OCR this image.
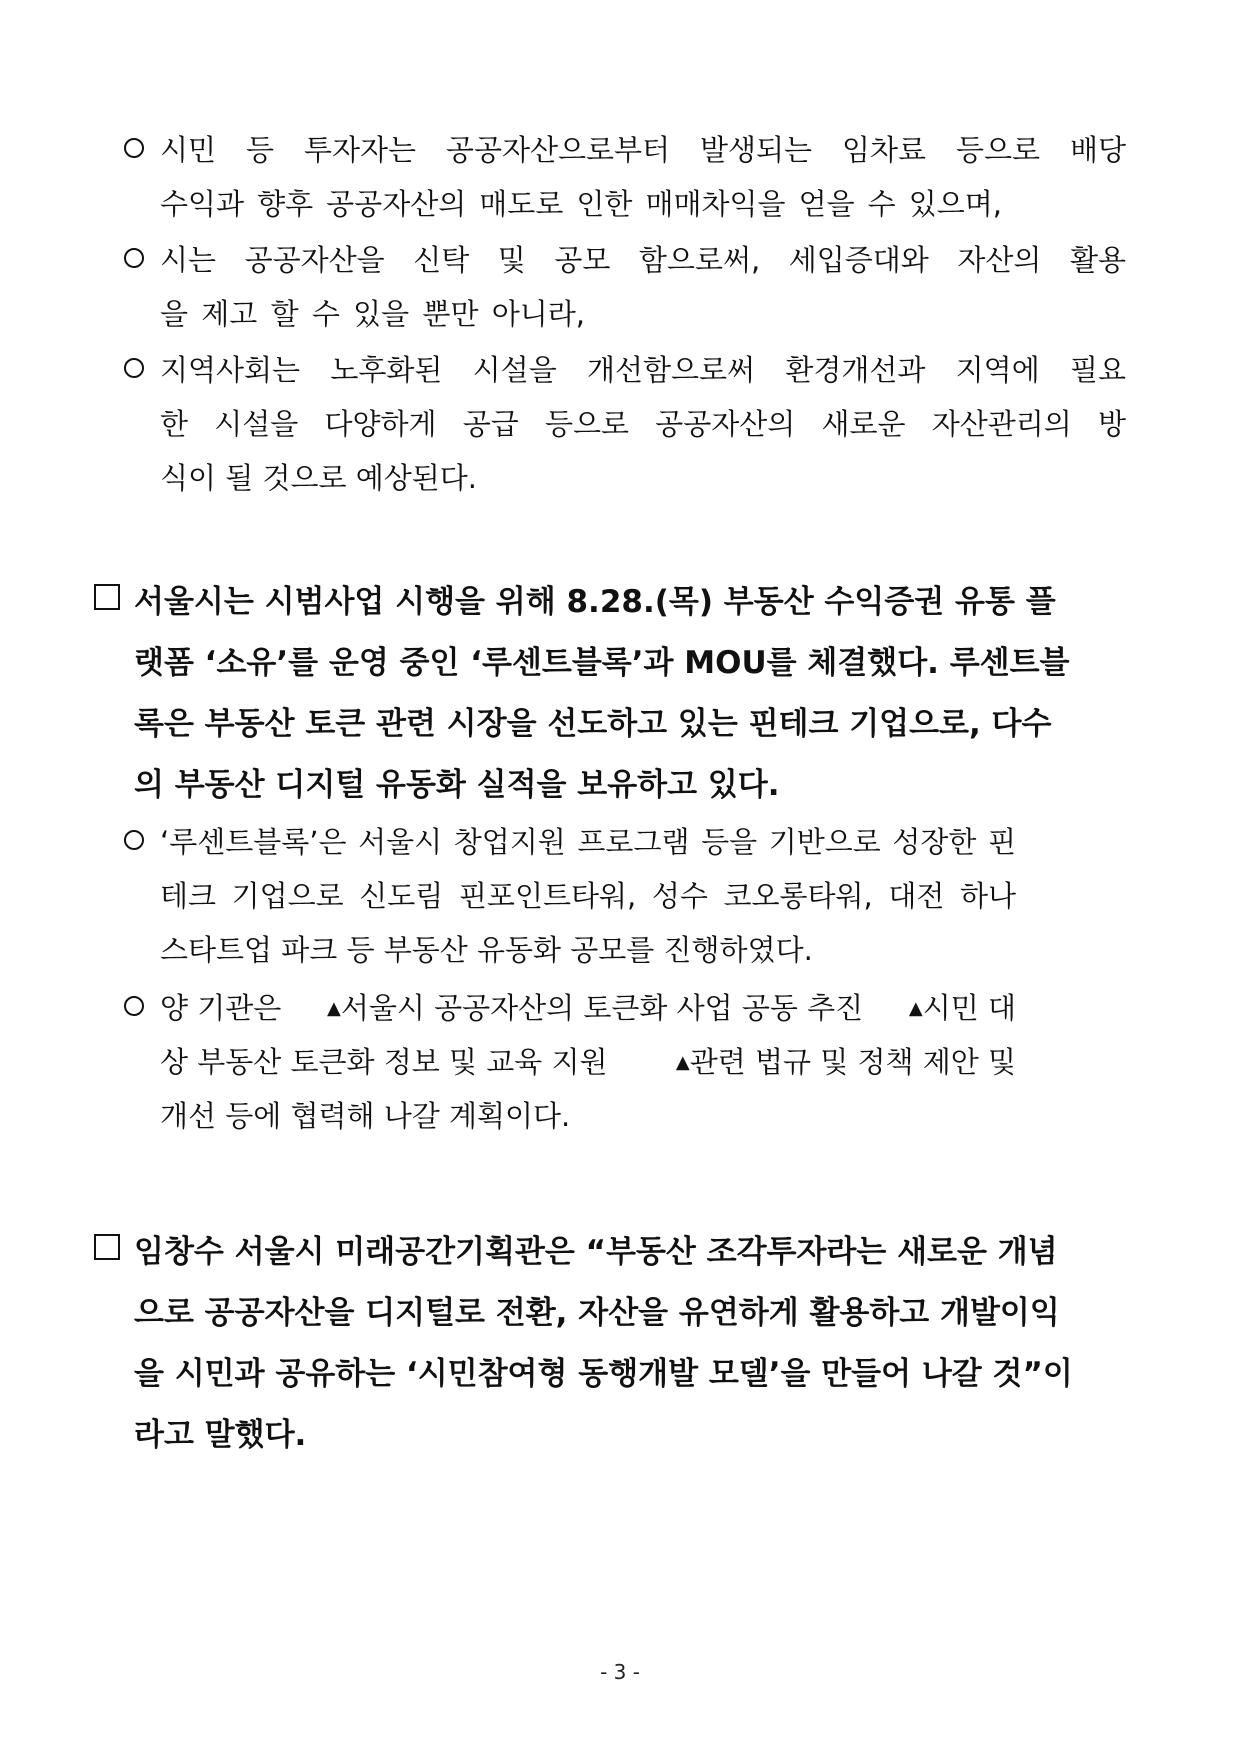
시민 등 투자자는 공공자산으로부터 발생되는 임차료 등으로 배당
수익과 향후 공공자산의 매도로 인한 매매차익을 얻을 수 있으며,
시는 공공자산을 신탁 및 공모 함으로써, 세입증대와 자산의 활용
을 제고 할 수 있을 뿐만 아니라,
지역사회는 노후화된 시설을 개선함으로써 환경개선과 지역에 필요
한 시설을 다양하게 공급 등으로 공공자산의 새로운 자산관리의 방
식이 될 것으로 예상된다.
서울시는 시범사업 시행을 위해 8.28.(목) 부동산 수익증권 유통 플
랫폼 ‘소유’를 운영 중인 ‘루센트블록’과 MOU를 체결했다. 루센트블
록은 부동산 토큰 관련 시장을 선도하고 있는 핀테크 기업으로, 다수
의 부동산 디지털 유동화 실적을 보유하고 있다.
‘루센트블록’은 서울시 창업지원 프로그램 등을 기반으로 성장한 핀
테크 기업으로 신도림 핀포인트타워, 성수 코오롱타워, 대전 하나
스타트업 파크 등 부동산 유동화 공모를 진행하였다.
양 기관은	▲서울시 공공자산의 토큰화 사업 공동 추진	▲시민 대
상 부동산 토큰화 정보 및 교육 지원	▲관련 법규 및 정책 제안 및
개선 등에 협력해 나갈 계획이다.
임창수 서울시 미래공간기획관은 “부동산 조각투자라는 새로운 개념
으로 공공자산을 디지털로 전환, 자산을 유연하게 활용하고 개발이익
을 시민과 공유하는 ‘시민참여형 동행개발 모델’을 만들어 나갈 것”이
라고 말했다.
- 3 -
